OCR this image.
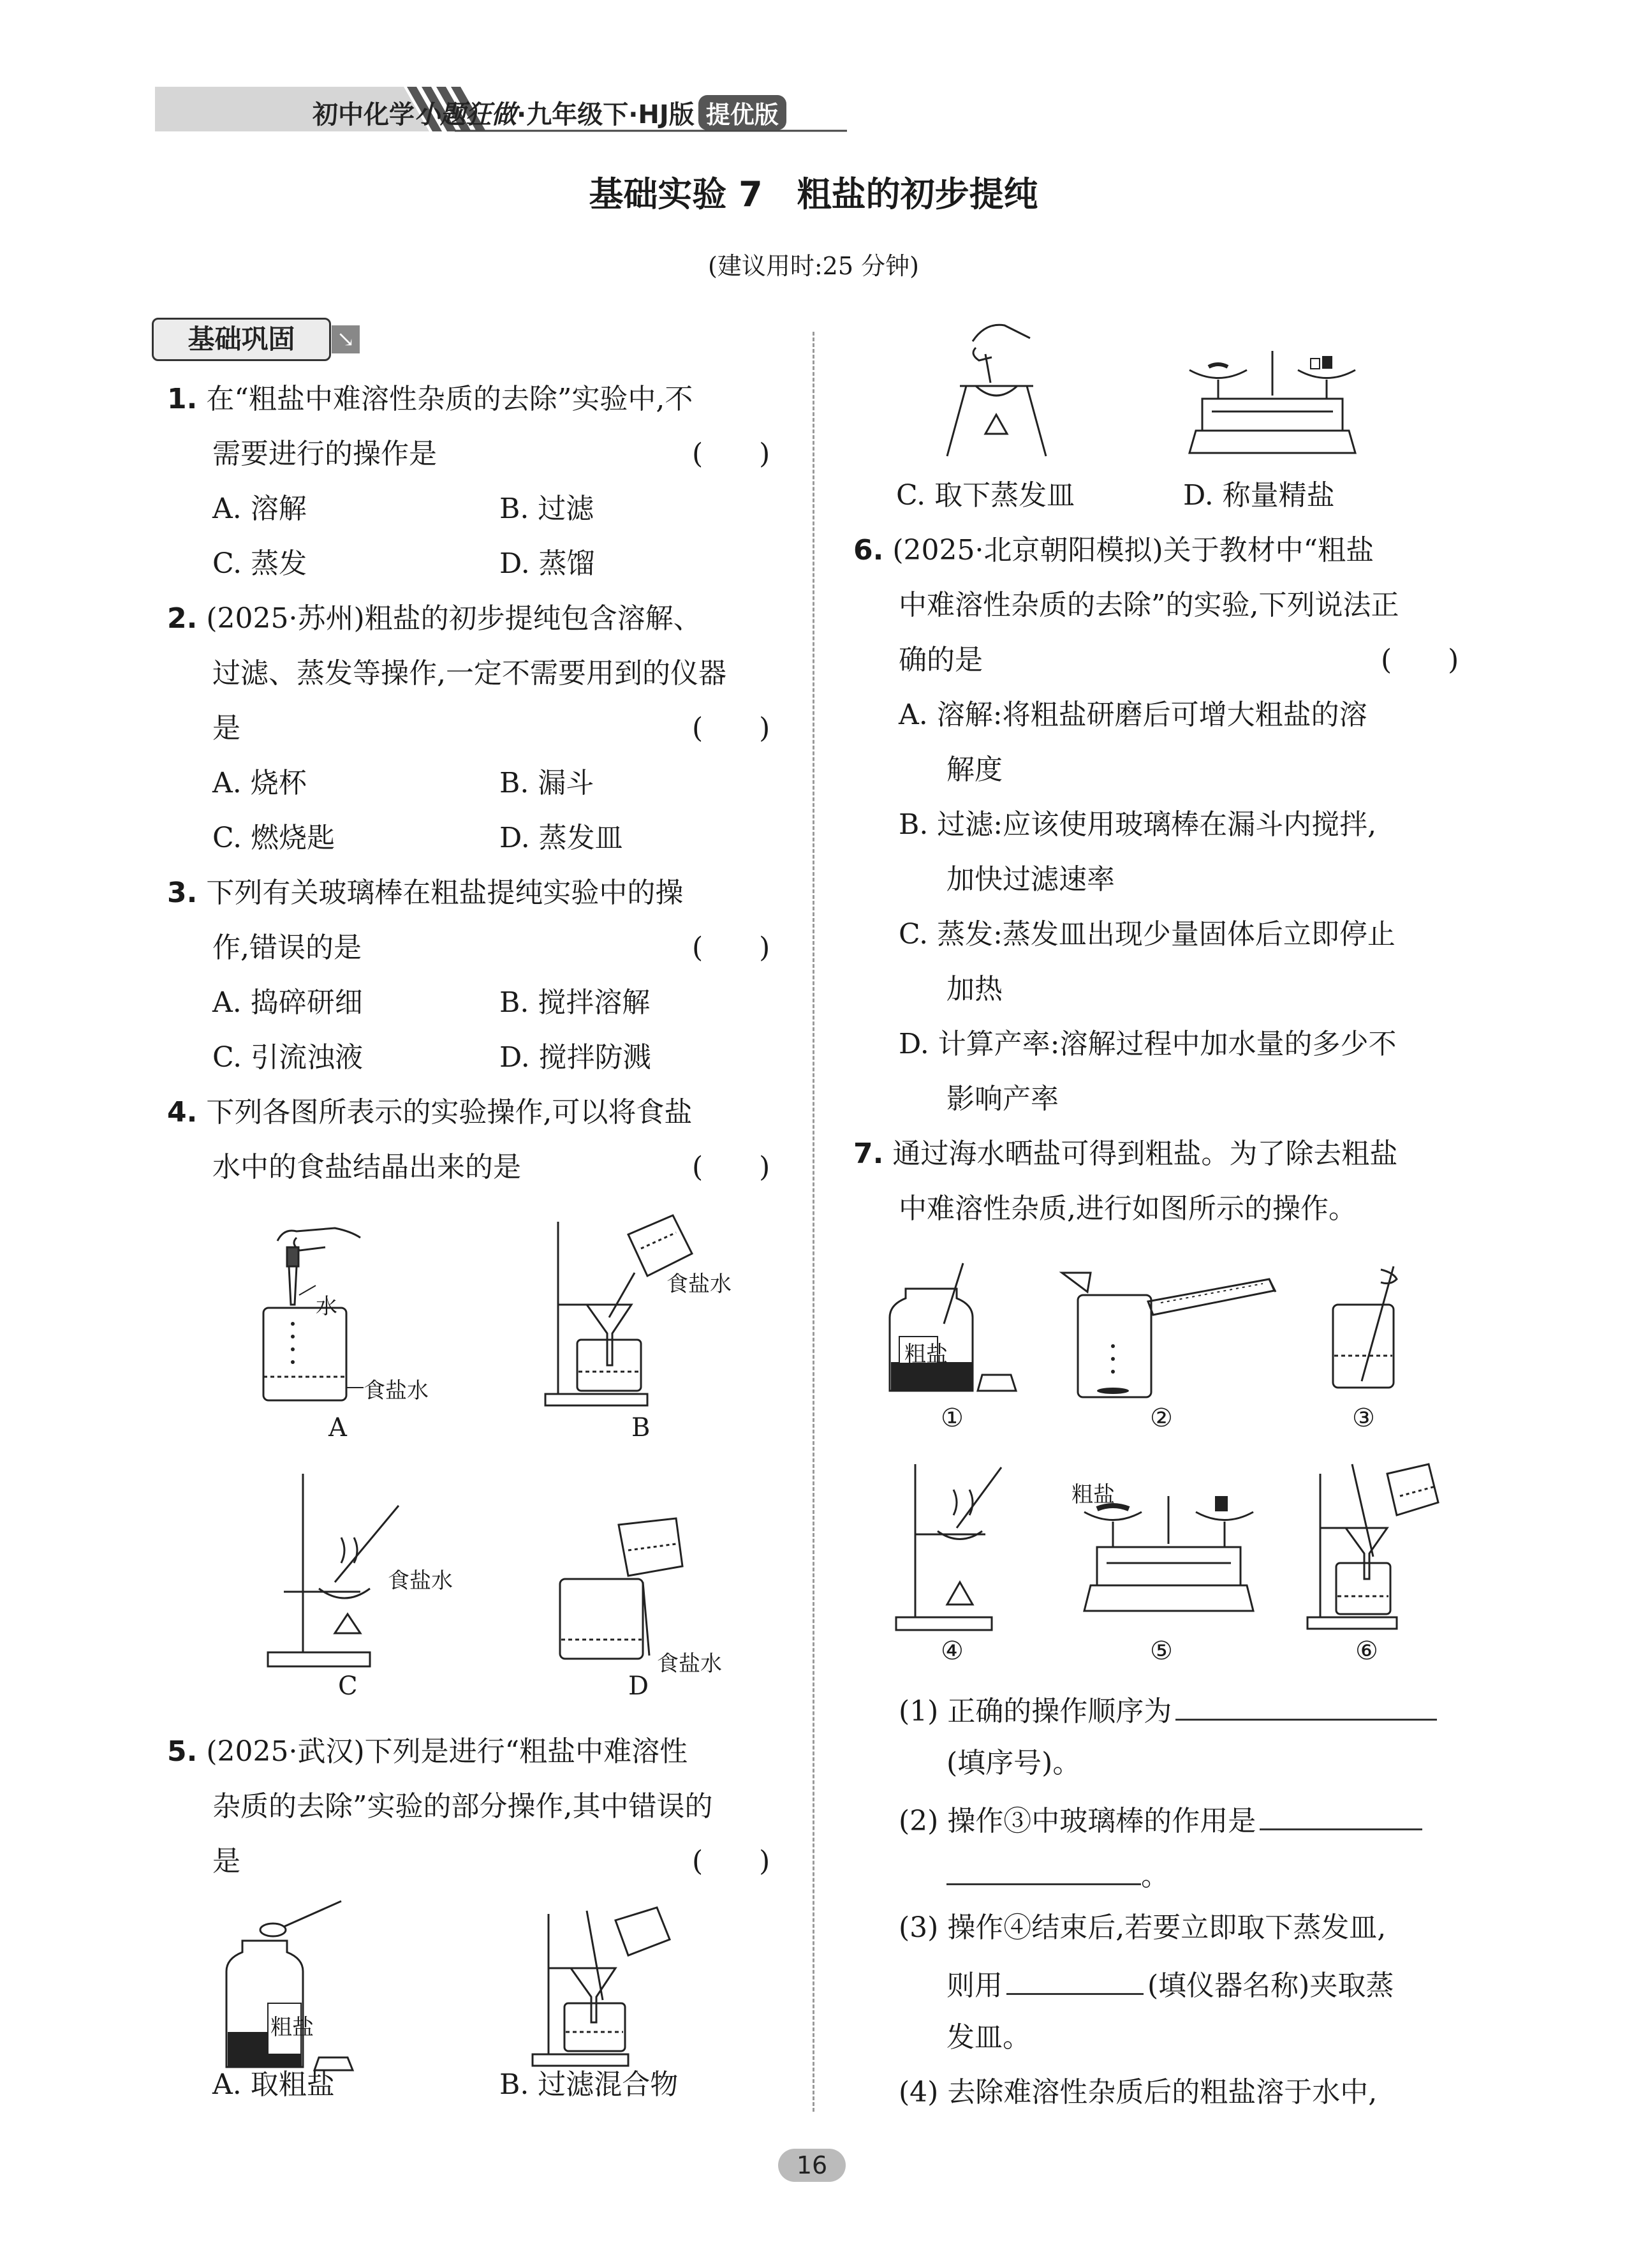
初中化学小题狂做·九年级下·HJ版 提优版
基础实验 7　粗盐的初步提纯
(建议用时:25 分钟)
基础巩固	↘
1. 在“粗盐中难溶性杂质的去除”实验中,不
需要进行的操作是	(　　)
A. 溶解	B. 过滤
C. 蒸发	D. 蒸馏
2. (2025·苏州)粗盐的初步提纯包含溶解、
过滤、蒸发等操作,一定不需要用到的仪器
是	(　　)
A. 烧杯	B. 漏斗
C. 燃烧匙	D. 蒸发皿
3. 下列有关玻璃棒在粗盐提纯实验中的操
作,错误的是	(　　)
A. 捣碎研细	B. 搅拌溶解
C. 引流浊液	D. 搅拌防溅
4. 下列各图所表示的实验操作,可以将食盐
水中的食盐结晶出来的是	(　　)
水
食盐水
A
食盐水
B
食盐水
C
食盐水
D
5. (2025·武汉)下列是进行“粗盐中难溶性
杂质的去除”实验的部分操作,其中错误的
是	(　　)
粗盐
A. 取粗盐	B. 过滤混合物
C. 取下蒸发皿	D. 称量精盐
6. (2025·北京朝阳模拟)关于教材中“粗盐
中难溶性杂质的去除”的实验,下列说法正
确的是	(　　)
A. 溶解:将粗盐研磨后可增大粗盐的溶
解度
B. 过滤:应该使用玻璃棒在漏斗内搅拌,
加快过滤速率
C. 蒸发:蒸发皿出现少量固体后立即停止
加热
D. 计算产率:溶解过程中加水量的多少不
影响产率
7. 通过海水晒盐可得到粗盐。为了除去粗盐
中难溶性杂质,进行如图所示的操作。
粗盐
①	②	③
④
粗盐
⑤	⑥
(1) 正确的操作顺序为
(填序号)。
(2) 操作③中玻璃棒的作用是
。
(3) 操作④结束后,若要立即取下蒸发皿,
则用	(填仪器名称)夹取蒸
发皿。
(4) 去除难溶性杂质后的粗盐溶于水中,
16
